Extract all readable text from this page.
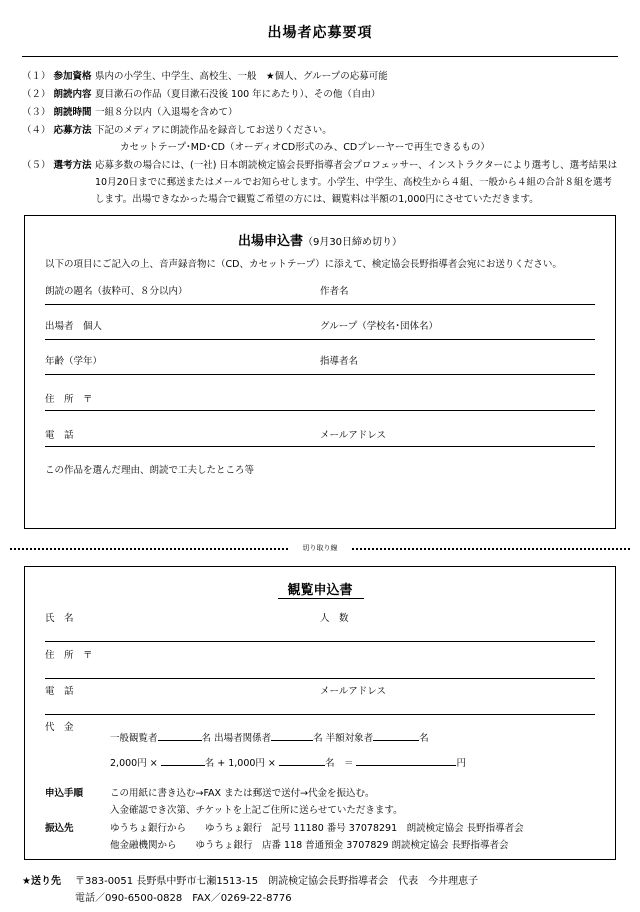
出場者応募要項
（１） 参加資格 県内の小学生、中学生、高校生、一般　★個人、グループの応募可能
（２） 朗読内容 夏目漱石の作品（夏目漱石没後 100 年にあたり）、その他（自由）
（３） 朗読時間 一組８分以内（入退場を含めて）
（４） 応募方法 下記のメディアに朗読作品を録音してお送りください。
カセットテープ･MD･CD（オーディオCD形式のみ、CDプレーヤーで再生できるもの）
（５） 選考方法 応募多数の場合には、(一社) 日本朗読検定協会長野指導者会プロフェッサー、インストラクターにより選考し、選考結果は
10月20日までに郵送またはメールでお知らせします。小学生、中学生、高校生から４組、一般から４組の合計８組を選考
します。出場できなかった場合で観覧ご希望の方には、観覧料は半額の1,000円にさせていただきます。
出場申込書（9月30日締め切り）
以下の項目にご記入の上、音声録音物に（CD、カセットテープ）に添えて、検定協会長野指導者会宛にお送りください。
朗読の題名（抜粋可、８分以内）	作者名
出場者　個人	グループ（学校名･団体名）
年齢（学年）	指導者名
住　所　〒
電　話	メールアドレス
この作品を選んだ理由、朗読で工夫したところ等
切り取り線
観覧申込書
氏　名	人　数
住　所　〒
電　話	メールアドレス
代　金
一般観覧者	名 出場者関係者	名 半額対象者	名
2,000円 ×	名 + 1,000円 ×	名　＝	円
申込手順	この用紙に書き込む→FAX または郵送で送付→代金を振込む。
入金確認でき次第、チケットを上記ご住所に送らせていただきます。
振込先	ゆうちょ銀行から　　ゆうちょ銀行　記号 11180 番号 37078291　朗読検定協会 長野指導者会
他金融機関から　　ゆうちょ銀行　店番 118 普通預金 3707829 朗読検定協会 長野指導者会
★送り先 〒383-0051 長野県中野市七瀬1513-15　朗読検定協会長野指導者会　代表　今井理恵子
電話／090-6500-0828　FAX／0269-22-8776
